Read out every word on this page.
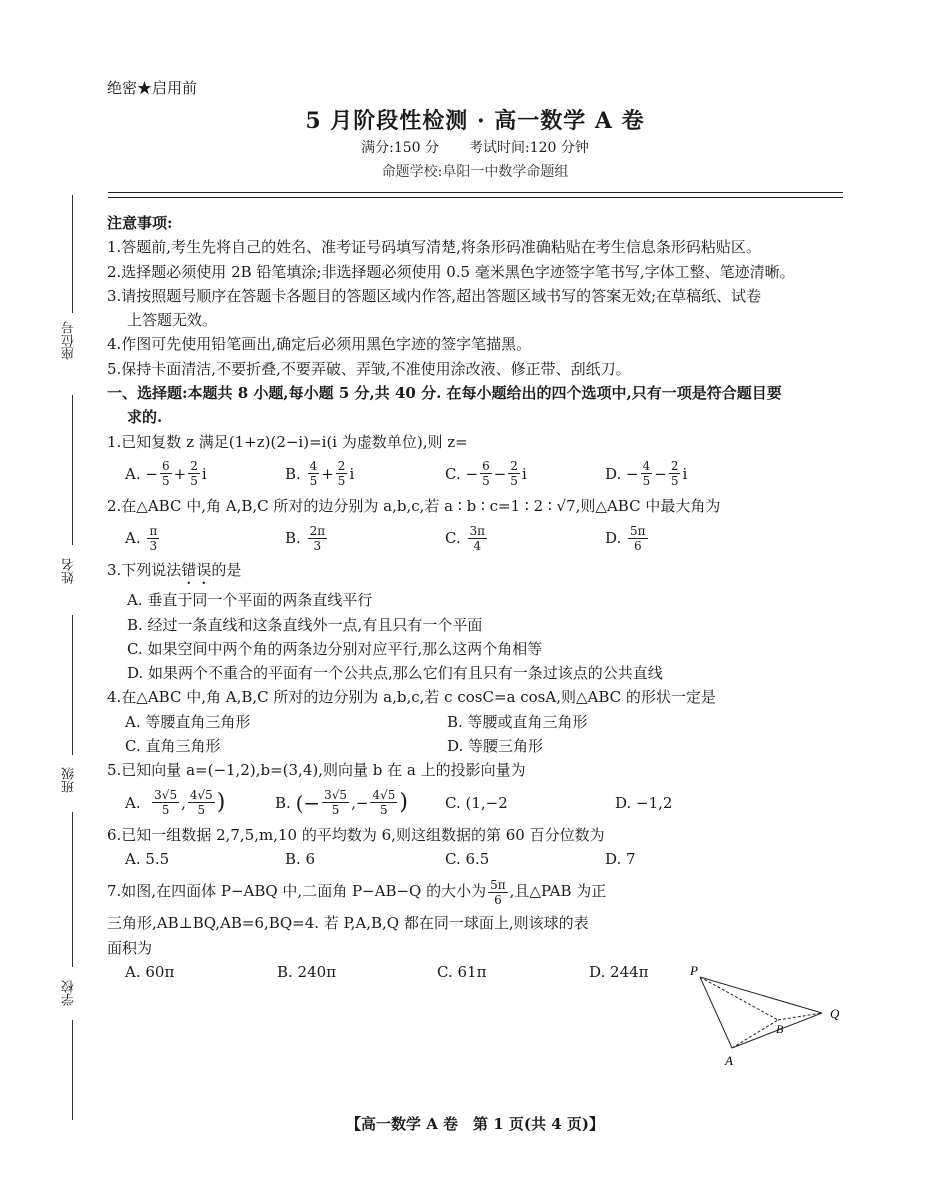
绝密★启用前
5 月阶段性检测 · 高一数学 A 卷
满分:150 分 考试时间:120 分钟
命题学校:阜阳一中数学命题组
座位号
姓名
班级
学校

注意事项:

1.答题前,考生先将自己的姓名、准考证号码填写清楚,将条形码准确粘贴在考生信息条形码粘贴区。

2.选择题必须使用 2B 铅笔填涂;非选择题必须使用 0.5 毫米黑色字迹签字笔书写,字体工整、笔迹清晰。

3.请按照题号顺序在答题卡各题目的答题区域内作答,超出答题区域书写的答案无效;在草稿纸、试卷

上答题无效。

4.作图可先使用铅笔画出,确定后必须用黑色字迹的签字笔描黑。

5.保持卡面清洁,不要折叠,不要弄破、弄皱,不准使用涂改液、修正带、刮纸刀。

一、选择题:本题共 8 小题,每小题 5 分,共 40 分. 在每小题给出的四个选项中,只有一项是符合题目要

求的.

1.已知复数 z 满足(1+z)(2−i)=i(i 为虚数单位),则 z=

A.
− $\frac{6}{5} + \frac{2}{5}$ i	B.
$\frac{4}{5} + \frac{2}{5}$ i	C.
− $\frac{6}{5} - \frac{2}{5}$ i	D.
− $\frac{4}{5} - \frac{2}{5}$ i

2.在△ABC 中,角 A,B,C 所对的边分别为 a,b,c,若 a ∶ b ∶ c=1 ∶ 2 ∶ √7,则△ABC 中最大角为

A.
$\frac{\pi}{3}$	B.
$\frac{2\pi}{3}$	C.
$\frac{3\pi}{4}$	D.
$\frac{5\pi}{6}$

3.下列说法错误的是

A. 垂直于同一个平面的两条直线平行

B. 经过一条直线和这条直线外一点,有且只有一个平面

C. 如果空间中两个角的两条边分别对应平行,那么这两个角相等

D. 如果两个不重合的平面有一个公共点,那么它们有且只有一条过该点的公共直线

4.在△ABC 中,角 A,B,C 所对的边分别为 a,b,c,若 c cosC=a cosA,则△ABC 的形状一定是

A. 等腰直角三角形	B. 等腰或直角三角形
C. 直角三角形	D. 等腰三角形

5.已知向量 a=(−1,2),b=(3,4),则向量 b 在 a 上的投影向量为

A.
$\frac{3√5}{5}$ , $\frac{4√5}{5}$ )	B.
(− $\frac{3√5}{5}$ ,− $\frac{4√5}{5}$ ) C. (1,−2	D. −1,2

6.已知一组数据 2,7,5,m,10 的平均数为 6,则这组数据的第 60 百分位数为

A. 5.5	B. 6	C. 6.5	D. 7

7.如图,在四面体 P−ABQ 中,二面角 P−AB−Q 的大小为 $\frac{5\pi}{6}$ ,且△PAB 为正

三角形,AB⊥BQ,AB=6,BQ=4. 若 P,A,B,Q 都在同一球面上,则该球的表

面积为

A. 60π	B. 240π	C. 61π	D. 244π	P
Q
B
A
【高一数学 A 卷　第 1 页(共 4 页)】
